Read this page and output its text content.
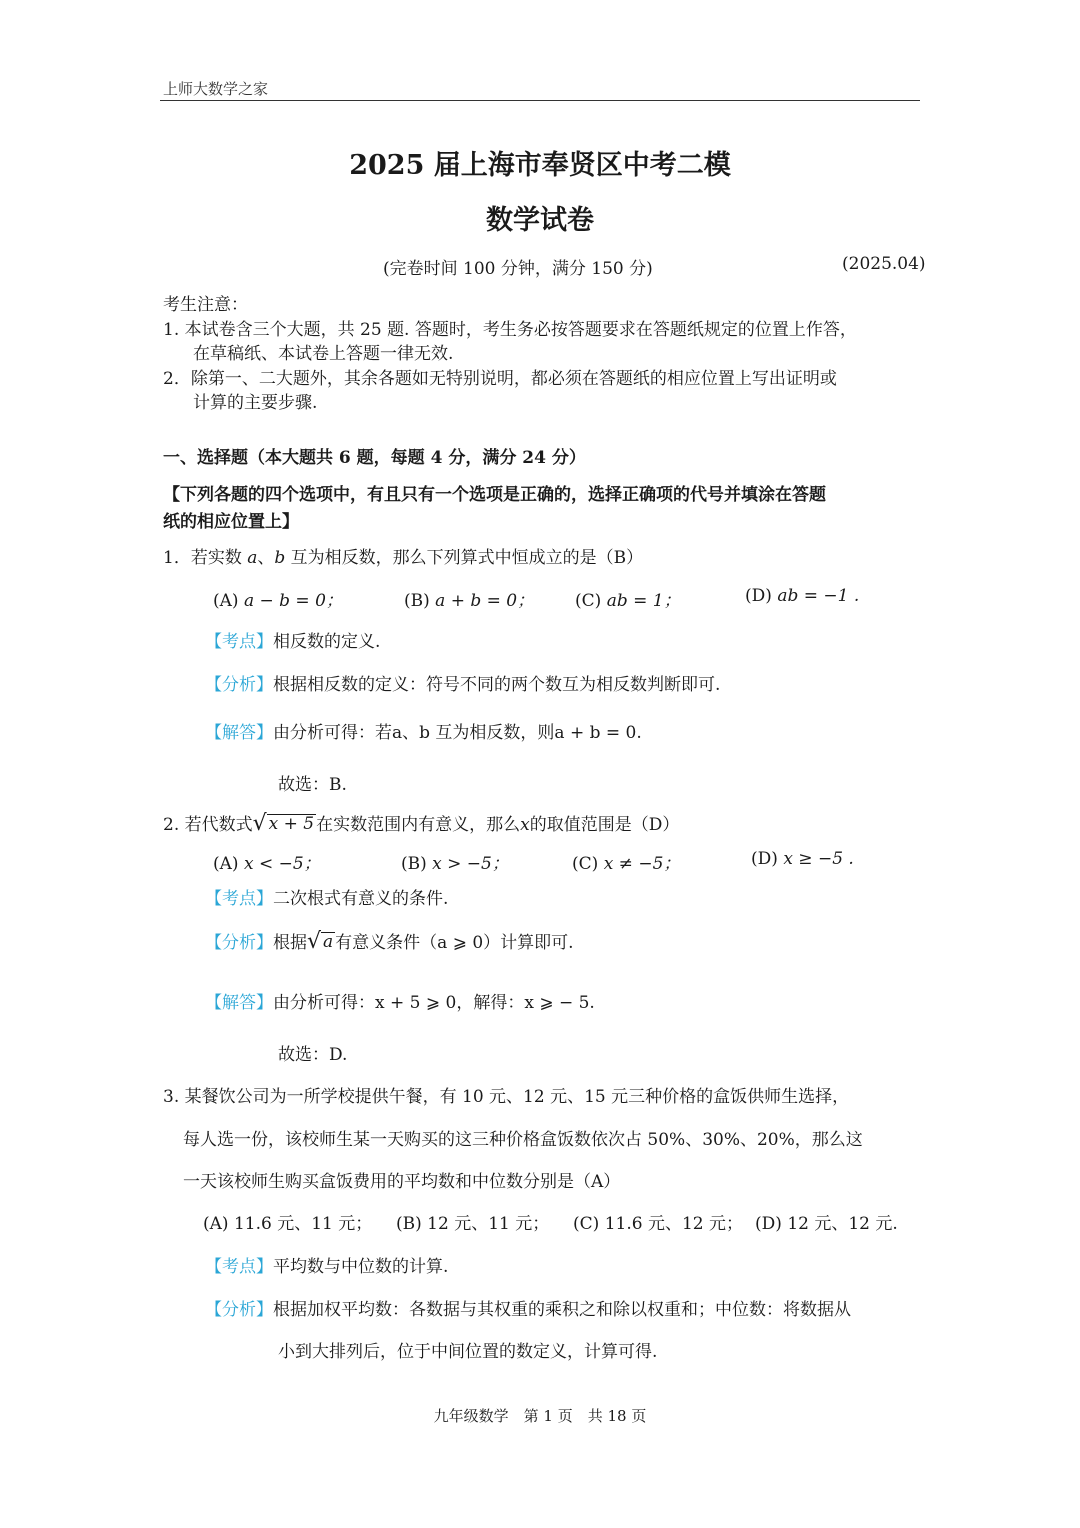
上师大数学之家
2025 届上海市奉贤区中考二模
数学试卷
(完卷时间 100 分钟，满分 150 分)	(2025.04)
考生注意：
1. 本试卷含三个大题，共 25 题. 答题时，考生务必按答题要求在答题纸规定的位置上作答，
在草稿纸、本试卷上答题一律无效.
2．除第一、二大题外，其余各题如无特别说明，都必须在答题纸的相应位置上写出证明或
计算的主要步骤.
一、选择题（本大题共 6 题，每题 4 分，满分 24 分）
【下列各题的四个选项中，有且只有一个选项是正确的，选择正确项的代号并填涂在答题
纸的相应位置上】
1．若实数 a、b 互为相反数，那么下列算式中恒成立的是（B）
(A) a − b = 0；	(B) a + b = 0； (C) ab = 1；	(D) ab = −1 .
【考点】相反数的定义.
【分析】根据相反数的定义：符号不同的两个数互为相反数判断即可.
【解答】由分析可得：若a、b 互为相反数，则a + b = 0.
故选：B.
2. 若代数式 √ x + 5 在实数范围内有意义，那么 x 的取值范围是（D）
(A) x < −5；	(B) x > −5；	(C) x ≠ −5；	(D) x ≥ −5 .
【考点】二次根式有意义的条件.
【分析】 根据 √ a 有意义条件（a ⩾ 0）计算即可.
【解答】由分析可得：x + 5 ⩾ 0，解得：x ⩾ − 5.
故选：D.
3. 某餐饮公司为一所学校提供午餐，有 10 元、12 元、15 元三种价格的盒饭供师生选择，
每人选一份，该校师生某一天购买的这三种价格盒饭数依次占 50%、30%、20%，那么这
一天该校师生购买盒饭费用的平均数和中位数分别是（A）
(A) 11.6 元、11 元； (B) 12 元、11 元； (C) 11.6 元、12 元； (D) 12 元、12 元.
【考点】平均数与中位数的计算.
【分析】根据加权平均数：各数据与其权重的乘积之和除以权重和；中位数：将数据从
小到大排列后，位于中间位置的数定义，计算可得.
九年级数学　第 1 页　共 18 页
